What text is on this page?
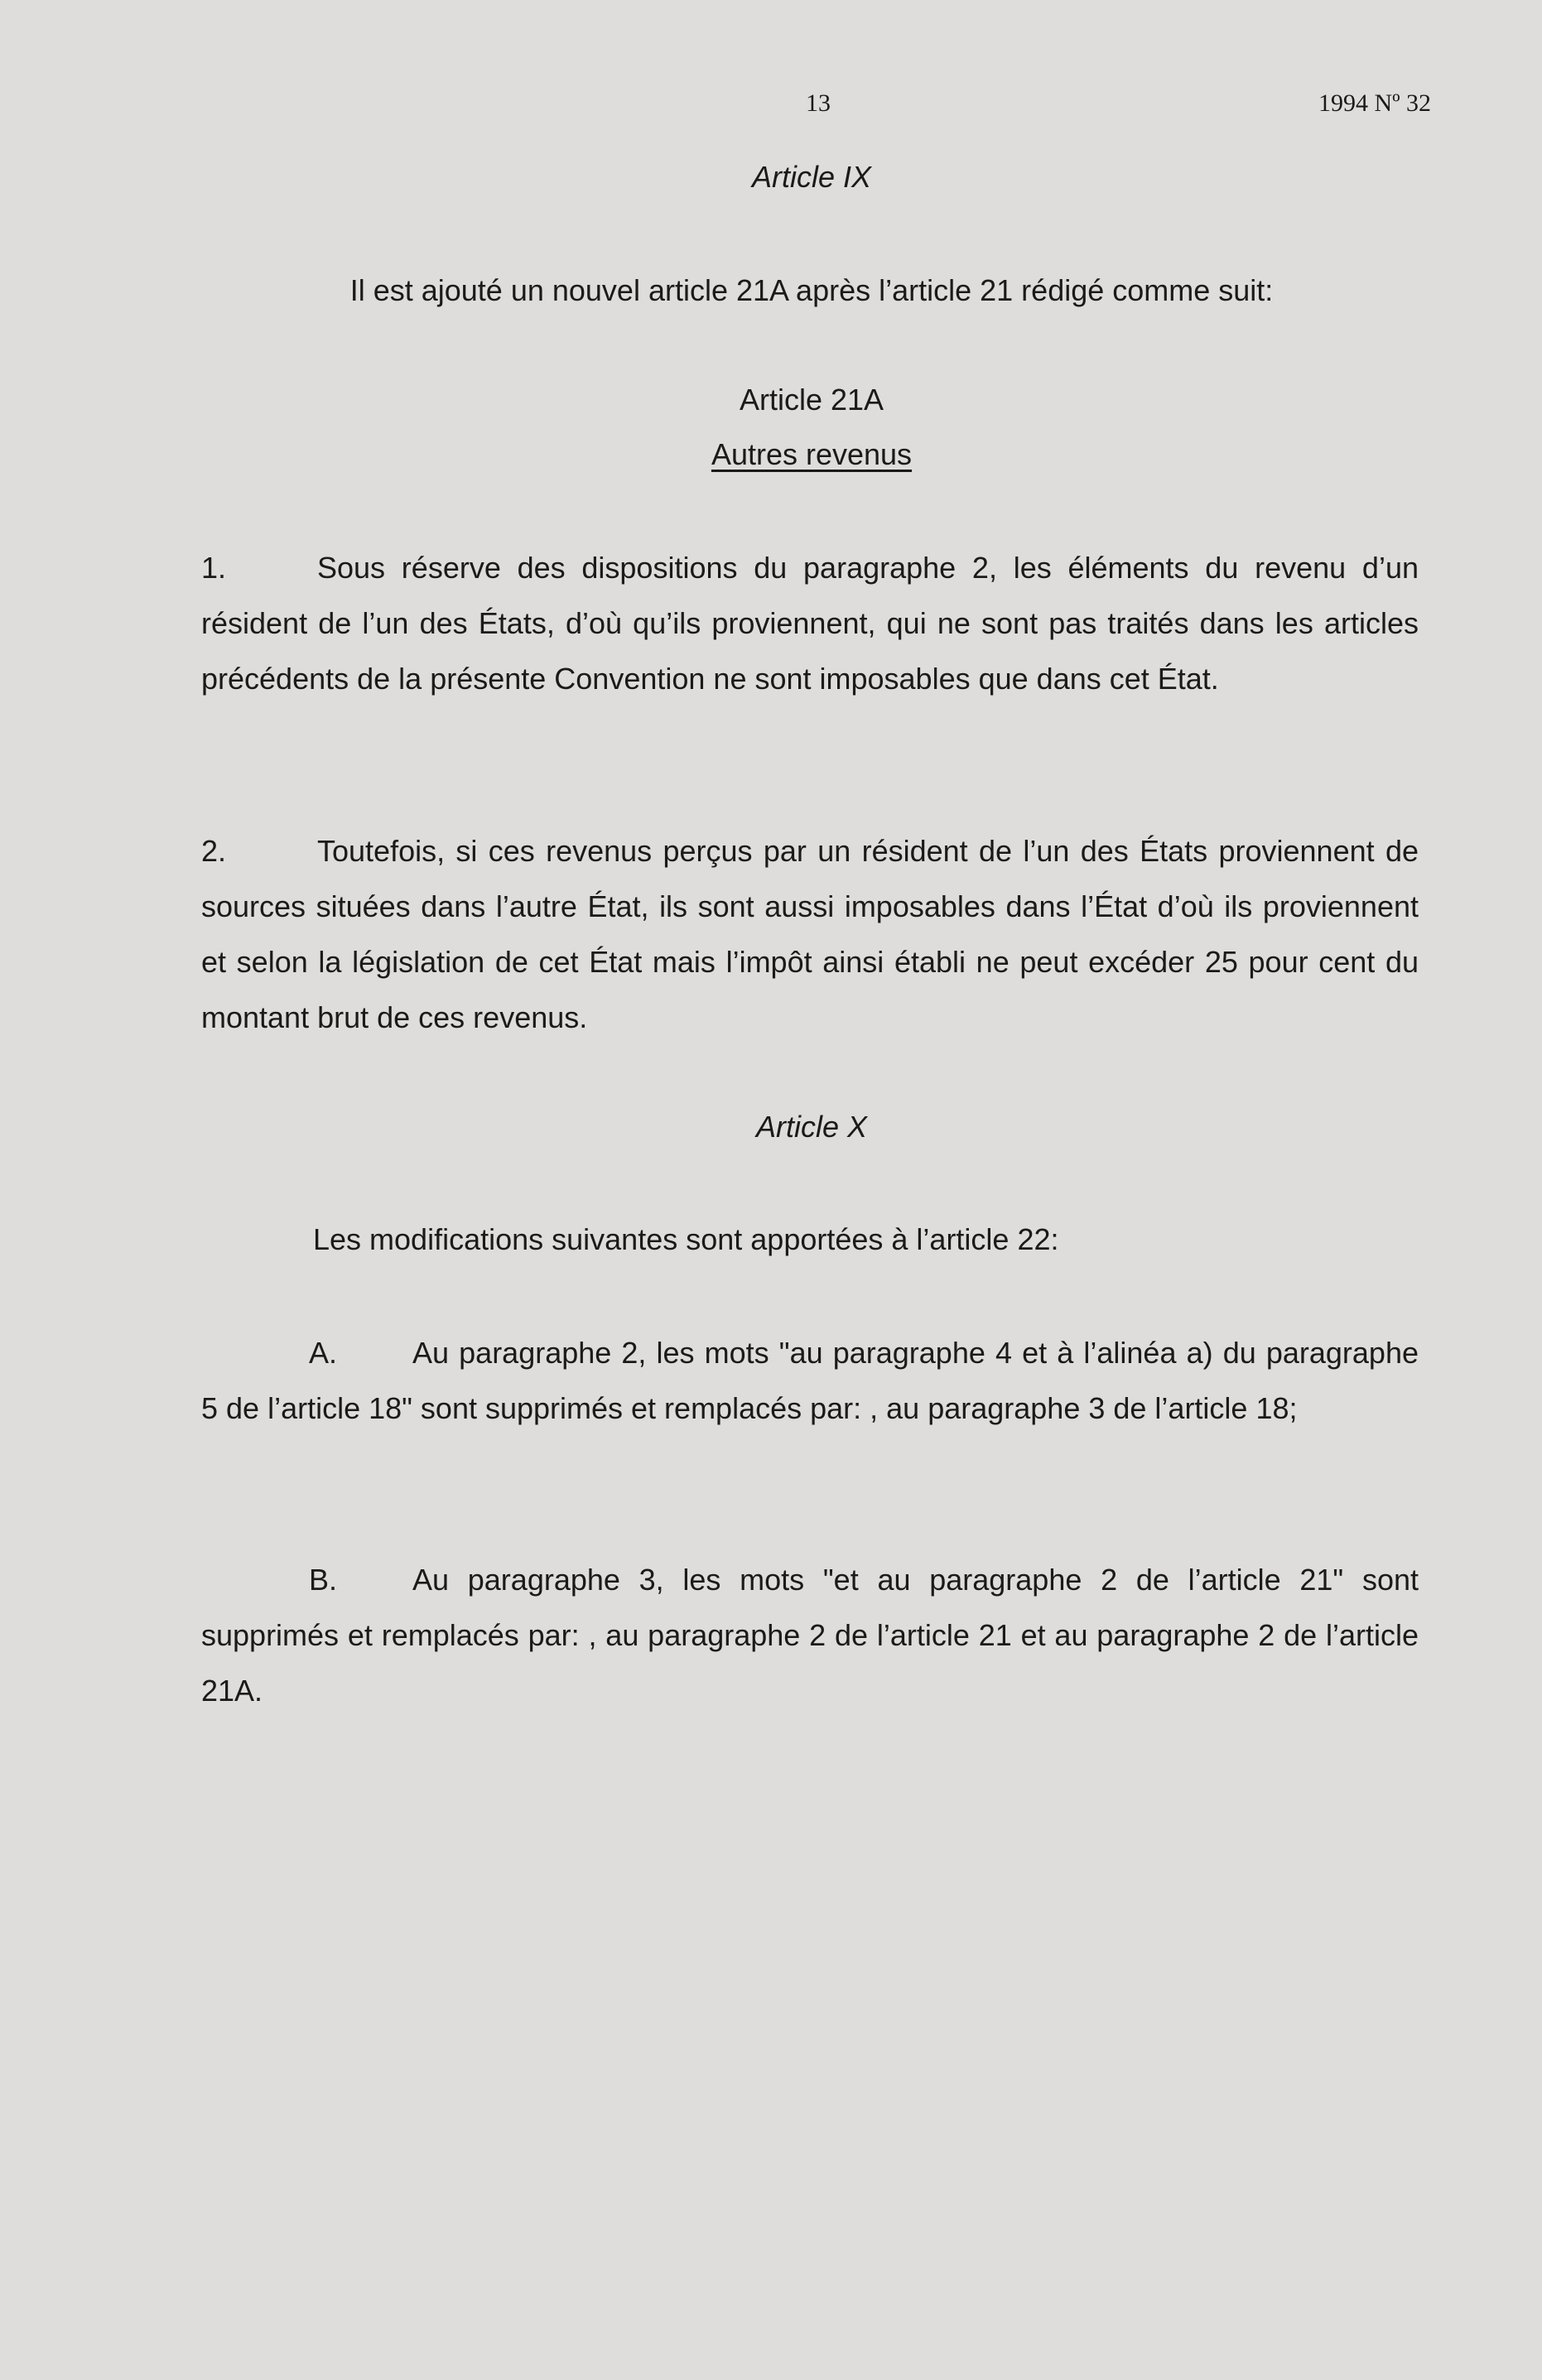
13	1994 Nº 32
Article IX
Il est ajouté un nouvel article 21A après l’article 21 rédigé comme suit:
Article 21A
Autres revenus
1.	Sous réserve des dispositions du paragraphe 2, les éléments du revenu d’un résident de l’un des États, d’où qu’ils proviennent, qui ne sont pas traités dans les articles précédents de la présente Convention ne sont imposables que dans cet État.
2.	Toutefois, si ces revenus perçus par un résident de l’un des États proviennent de sources situées dans l’autre État, ils sont aussi imposables dans l’État d’où ils proviennent et selon la législation de cet État mais l’impôt ainsi établi ne peut excéder 25 pour cent du montant brut de ces revenus.
Article X
Les modifications suivantes sont apportées à l’article 22:
A.	Au paragraphe 2, les mots "au paragraphe 4 et à l’alinéa a) du paragraphe 5 de l’article 18" sont supprimés et remplacés par: , au paragraphe 3 de l’article 18;
B.	Au paragraphe 3, les mots "et au paragraphe 2 de l’article 21" sont supprimés et remplacés par: , au paragraphe 2 de l’article 21 et au paragraphe 2 de l’article 21A.
